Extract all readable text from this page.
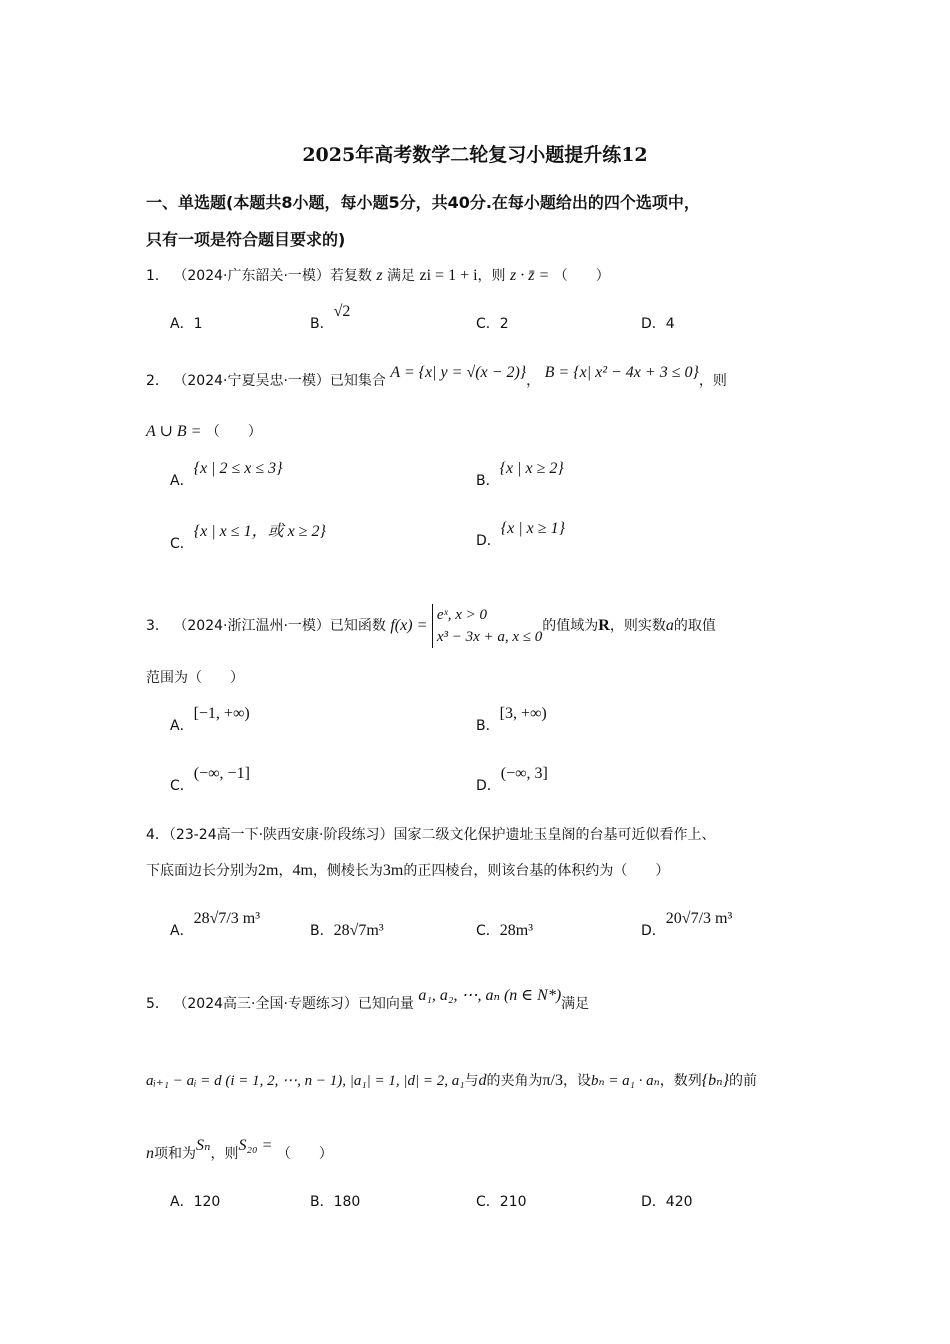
2025年高考数学二轮复习小题提升练12
一、单选题(本题共8小题，每小题5分，共40分.在每小题给出的四个选项中，
只有一项是符合题目要求的)
1． （2024·广东韶关·一模）若复数 z 满足 zi = 1 + i，则 z · z̄ = （　　）
A．1	B．√2
C．2	D．4
2． （2024·宁夏吴忠·一模）已知集合 A = {x| y = √(x − 2)}， B = {x| x² − 4x + 3 ≤ 0}，则
A ∪ B = （　　）
A．{x | 2 ≤ x ≤ 3}
B．{x | x ≥ 2}
C．{x | x ≤ 1，或 x ≥ 2}
D．{x | x ≥ 1}
3． （2024·浙江温州·一模）已知函数 f(x) =
eˣ, x > 0
x³ − 3x + a, x ≤ 0
的值域为R，则实数a的取值
范围为（　　）
A．[−1, +∞)
B．[3, +∞)
C．(−∞, −1]
D．(−∞, 3]
4．（23-24高一下·陕西安康·阶段练习）国家二级文化保护遗址玉皇阁的台基可近似看作上、
下底面边长分别为2m，4m，侧棱长为3m的正四棱台，则该台基的体积约为（　　）
A．28√7/3 m³
B．28√7m³	C．28m³	D．20√7/3 m³
5． （2024高三·全国·专题练习）已知向量 a₁, a₂, ⋯, aₙ (n ∈ N*)满足
aᵢ₊₁ − aᵢ = d (i = 1, 2, ⋯, n − 1), |a₁| = 1, |d| = 2, a₁与d的夹角为π/3，设bₙ = a₁ · aₙ，数列{bₙ}的前
n项和为Sₙ，则S₂₀ = （　　）
A．120	B．180	C．210	D．420
